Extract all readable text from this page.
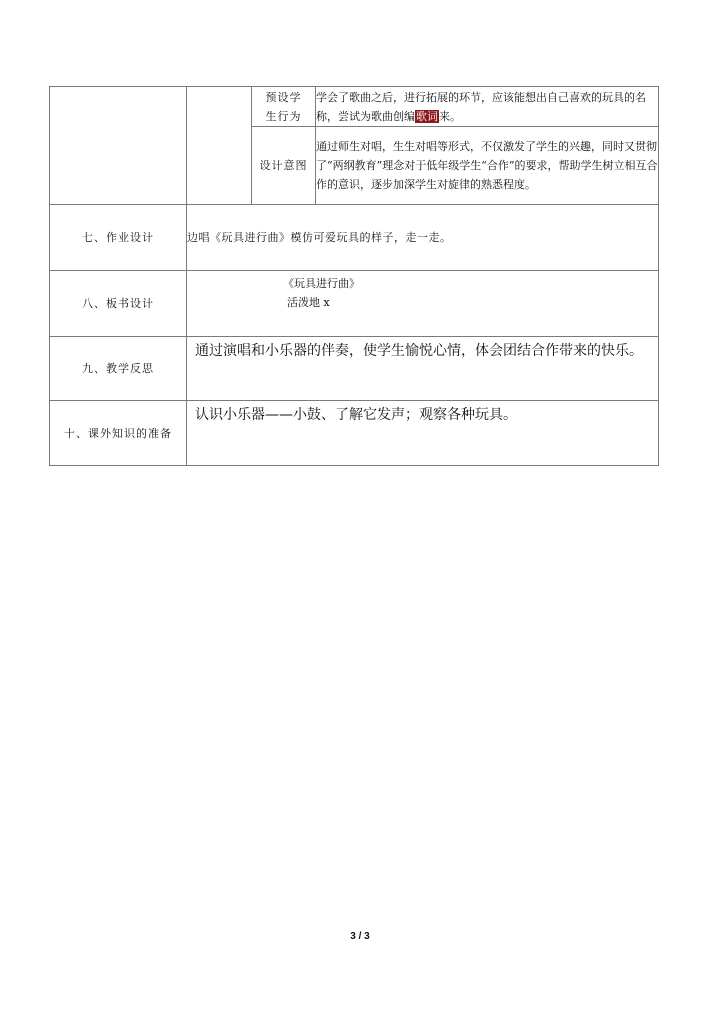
		预设学生行为	学会了歌曲之后，进行拓展的环节，应该能想出自己喜欢的玩具的名称，尝试为歌曲创编歌词来。
		设计意图	通过师生对唱，生生对唱等形式，不仅激发了学生的兴趣，同时又贯彻了“两纲教育”理念对于低年级学生“合作”的要求，帮助学生树立相互合作的意识，逐步加深学生对旋律的熟悉程度。
七、作业设计	边唱《玩具进行曲》模仿可爱玩具的样子，走一走。		
八、板书设计	《玩具进行曲》
活泼地 x		

九、教学反思	通过演唱和小乐器的伴奏，使学生愉悦心情，体会团结合作带来的快乐。		
十、课外知识的准备	认识小乐器——小鼓、了解它发声；观察各种玩具。		
3 / 3
